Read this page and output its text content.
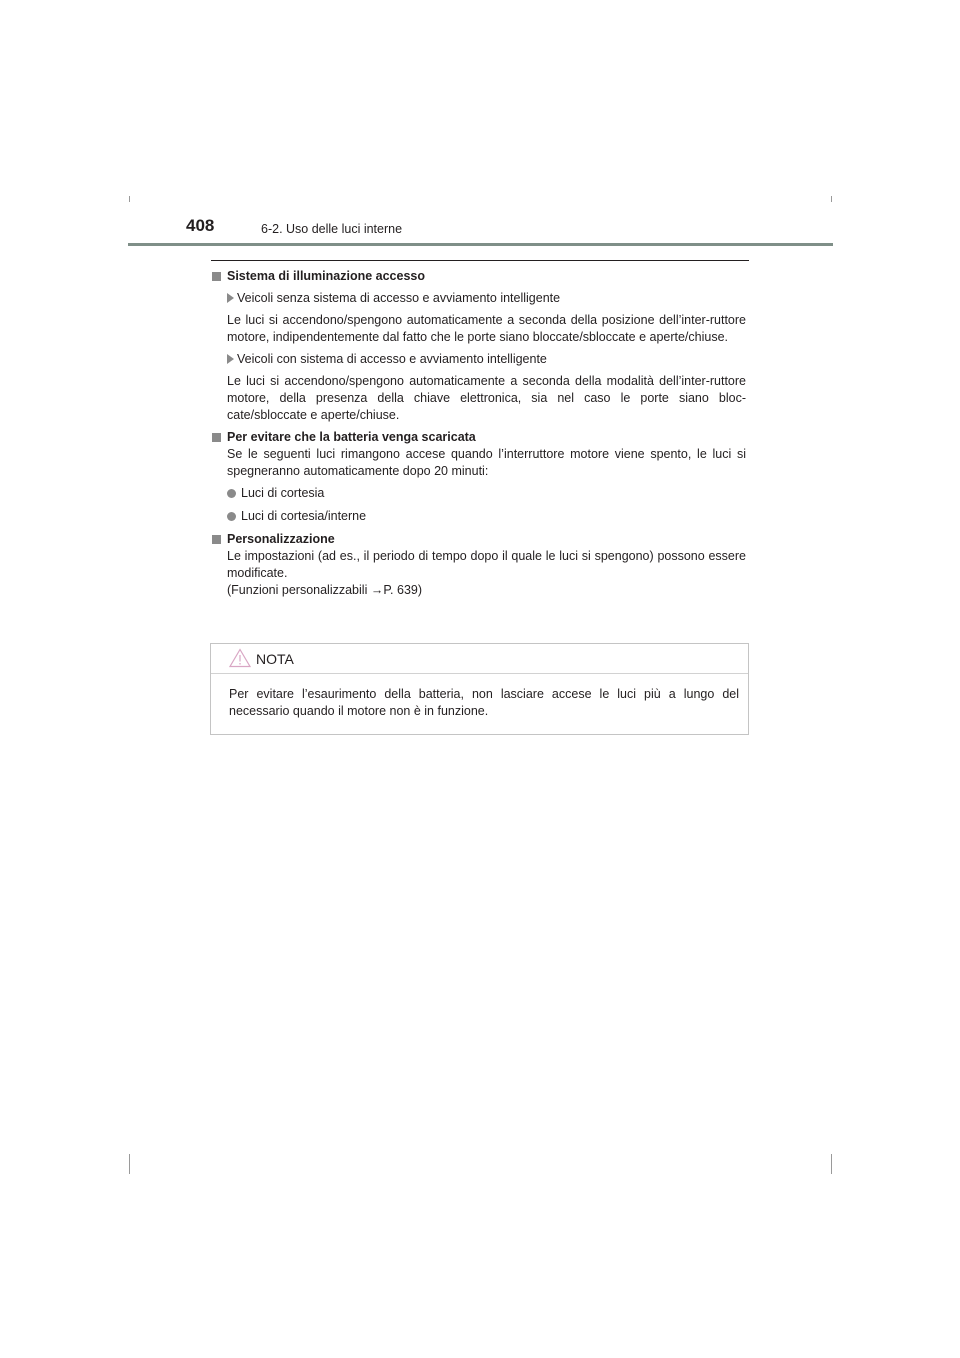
408	6-2. Uso delle luci interne
Sistema di illuminazione accesso
Veicoli senza sistema di accesso e avviamento intelligente
Le luci si accendono/spengono automaticamente a seconda della posizione dell’inter-ruttore motore, indipendentemente dal fatto che le porte siano bloccate/sbloccate e aperte/chiuse.
Veicoli con sistema di accesso e avviamento intelligente
Le luci si accendono/spengono automaticamente a seconda della modalità dell’inter-ruttore motore, della presenza della chiave elettronica, sia nel caso le porte siano bloc-cate/sbloccate e aperte/chiuse.
Per evitare che la batteria venga scaricata
Se le seguenti luci rimangono accese quando l’interruttore motore viene spento, le luci si spegneranno automaticamente dopo 20 minuti:
Luci di cortesia
Luci di cortesia/interne
Personalizzazione
Le impostazioni (ad es., il periodo di tempo dopo il quale le luci si spengono) possono essere modificate.
(Funzioni personalizzabili →P. 639)
NOTA
Per evitare l’esaurimento della batteria, non lasciare accese le luci più a lungo del necessario quando il motore non è in funzione.
